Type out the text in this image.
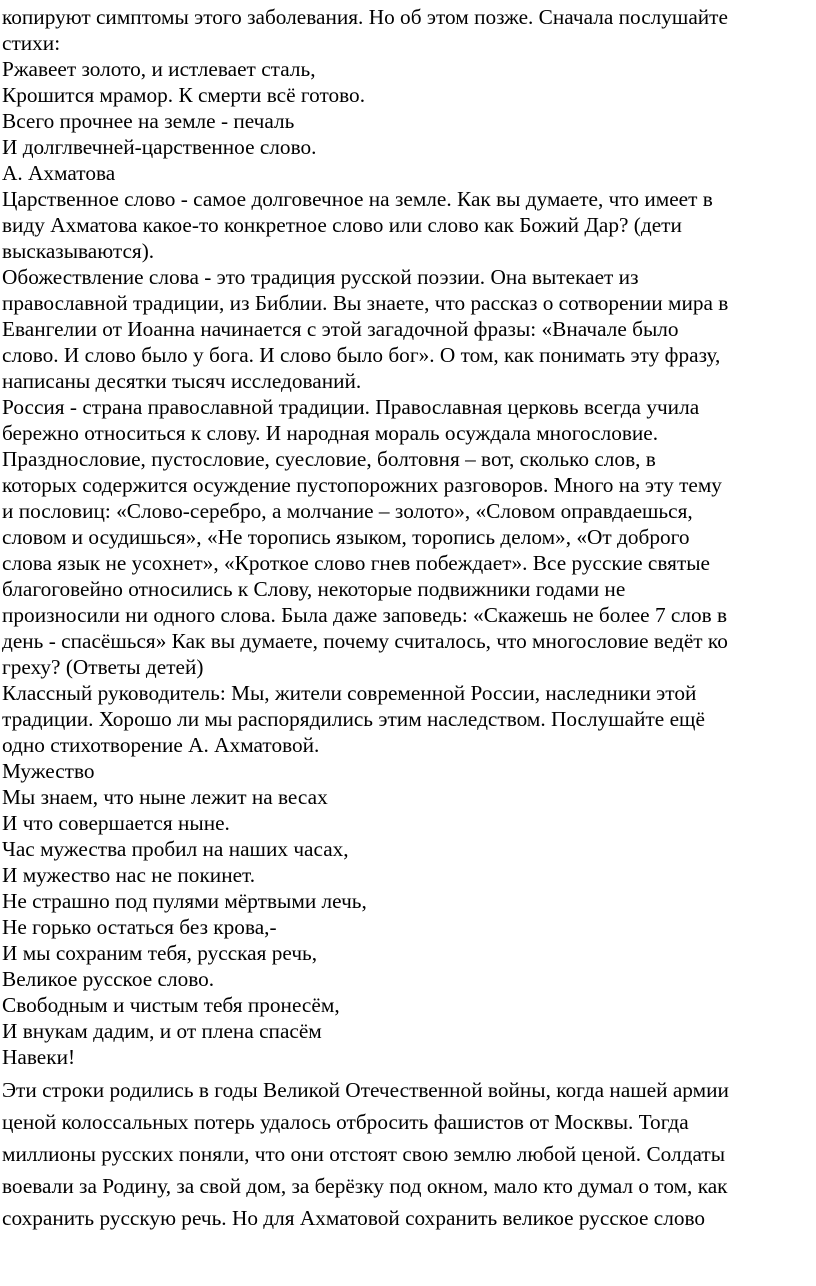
копируют симптомы этого заболевания. Но об этом позже. Сначала послушайте
стихи:
Ржавеет золото, и истлевает сталь,
Крошится мрамор. К смерти всё готово.
Всего прочнее на земле - печаль
И долглвечней-царственное слово.
А. Ахматова
Царственное слово - самое долговечное на земле. Как вы думаете, что имеет в
виду Ахматова какое-то конкретное слово или слово как Божий Дар? (дети
высказываются).
Обожествление слова - это традиция русской поэзии. Она вытекает из
православной традиции, из Библии. Вы знаете, что рассказ о сотворении мира в
Евангелии от Иоанна начинается с этой загадочной фразы: «Вначале было
слово. И слово было у бога. И слово было бог». О том, как понимать эту фразу,
написаны десятки тысяч исследований.
Россия - страна православной традиции. Православная церковь всегда учила
бережно относиться к слову. И народная мораль осуждала многословие.
Празднословие, пустословие, суесловие, болтовня – вот, сколько слов, в
которых содержится осуждение пустопорожних разговоров. Много на эту тему
и пословиц: «Слово-серебро, а молчание – золото», «Словом оправдаешься,
словом и осудишься», «Не торопись языком, торопись делом», «От доброго
слова язык не усохнет», «Кроткое слово гнев побеждает». Все русские святые
благоговейно относились к Слову, некоторые подвижники годами не
произносили ни одного слова. Была даже заповедь: «Скажешь не более 7 слов в
день - спасёшься» Как вы думаете, почему считалось, что многословие ведёт ко
греху? (Ответы детей)
Классный руководитель: Мы, жители современной России, наследники этой
традиции. Хорошо ли мы распорядились этим наследством. Послушайте ещё
одно стихотворение А. Ахматовой.
Мужество
Мы знаем, что ныне лежит на весах
И что совершается ныне.
Час мужества пробил на наших часах,
И мужество нас не покинет.
Не страшно под пулями мёртвыми лечь,
Не горько остаться без крова,-
И мы сохраним тебя, русская речь,
Великое русское слово.
Свободным и чистым тебя пронесём,
И внукам дадим, и от плена спасём
Навеки!
Эти строки родились в годы Великой Отечественной войны, когда нашей армии
ценой колоссальных потерь удалось отбросить фашистов от Москвы. Тогда
миллионы русских поняли, что они отстоят свою землю любой ценой. Солдаты
воевали за Родину, за свой дом, за берёзку под окном, мало кто думал о том, как
сохранить русскую речь. Но для Ахматовой сохранить великое русское слово
